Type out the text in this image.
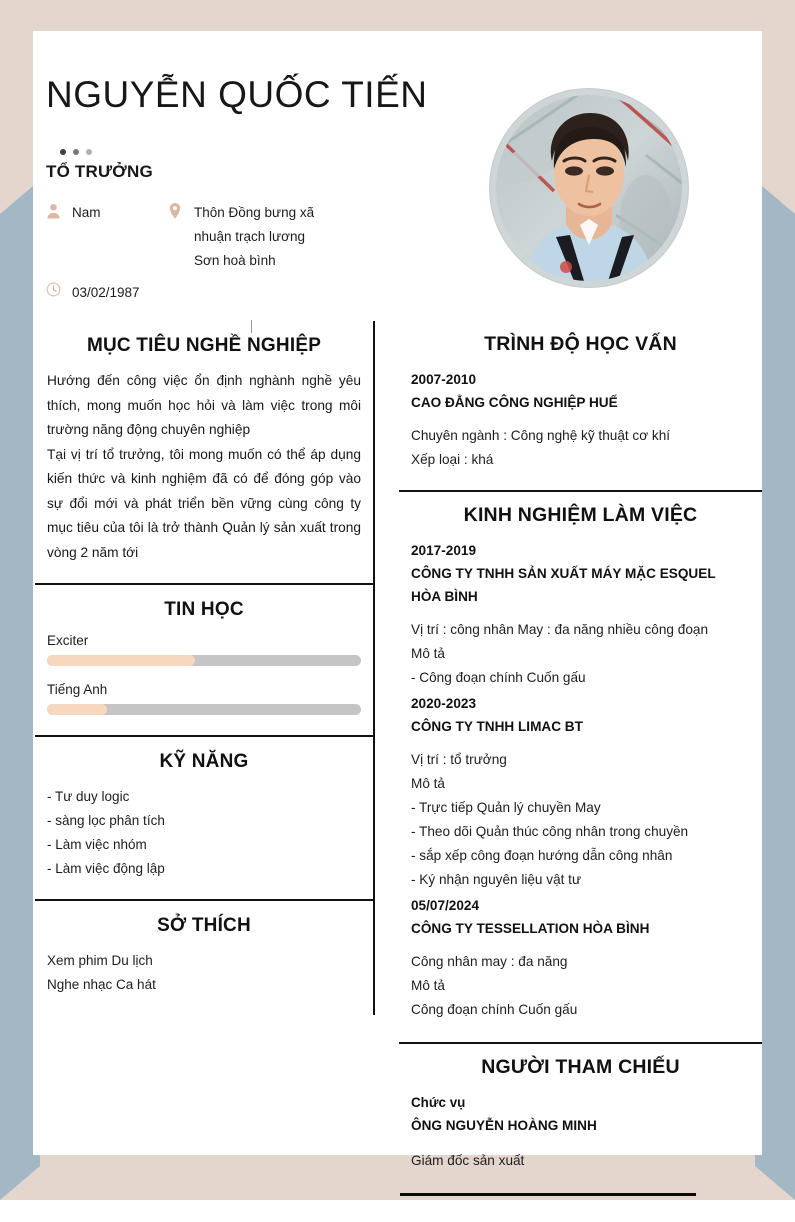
NGUYỄN QUỐC TIẾN
TỔ TRƯỞNG
Nam	Thôn Đồng bưng xã
nhuận trạch lương
Sơn hoà bình
03/02/1987
MỤC TIÊU NGHỀ NGHIỆP

Hướng đến công việc ổn định nghành nghề yêu thích, mong muốn học hỏi và làm việc trong môi trường năng động chuyên nghiệp

Tại vị trí tổ trưởng, tôi mong muốn có thể áp dụng kiến thức và kinh nghiệm đã có để đóng góp vào sự đổi mới và phát triển bền vững cùng công ty mục tiêu của tôi là trở thành Quản lý sản xuất trong vòng 2 năm tới

TIN HỌC
Exciter
Tiếng Anh
KỸ NĂNG
- Tư duy logic
- sàng lọc phân tích
- Làm việc nhóm
- Làm việc động lập
SỞ THÍCH
Xem phim Du lịch
Nghe nhạc Ca hát
TRÌNH ĐỘ HỌC VẤN
2007-2010
CAO ĐẲNG CÔNG NGHIỆP HUẾ
Chuyên ngành : Công nghệ kỹ thuật cơ khí
Xếp loại : khá
KINH NGHIỆM LÀM VIỆC
2017-2019
CÔNG TY TNHH SẢN XUẤT MÁY MẶC ESQUEL
HÒA BÌNH
Vị trí : công nhân May : đa năng nhiều công đoạn
Mô tả
- Công đoạn chính Cuốn gấu
2020-2023
CÔNG TY TNHH LIMAC BT
Vị trí : tổ trưởng
Mô tả
- Trực tiếp Quản lý chuyền May
- Theo dõi Quản thúc công nhân trong chuyền
- sắp xếp công đoạn hướng dẫn công nhân
- Ký nhận nguyên liệu vật tư
05/07/2024
CÔNG TY TESSELLATION HÒA BÌNH
Công nhân may : đa năng
Mô tả
Công đoạn chính Cuốn gấu
NGƯỜI THAM CHIẾU
Chức vụ
ÔNG NGUYỄN HOÀNG MINH
Giám đốc sản xuất
